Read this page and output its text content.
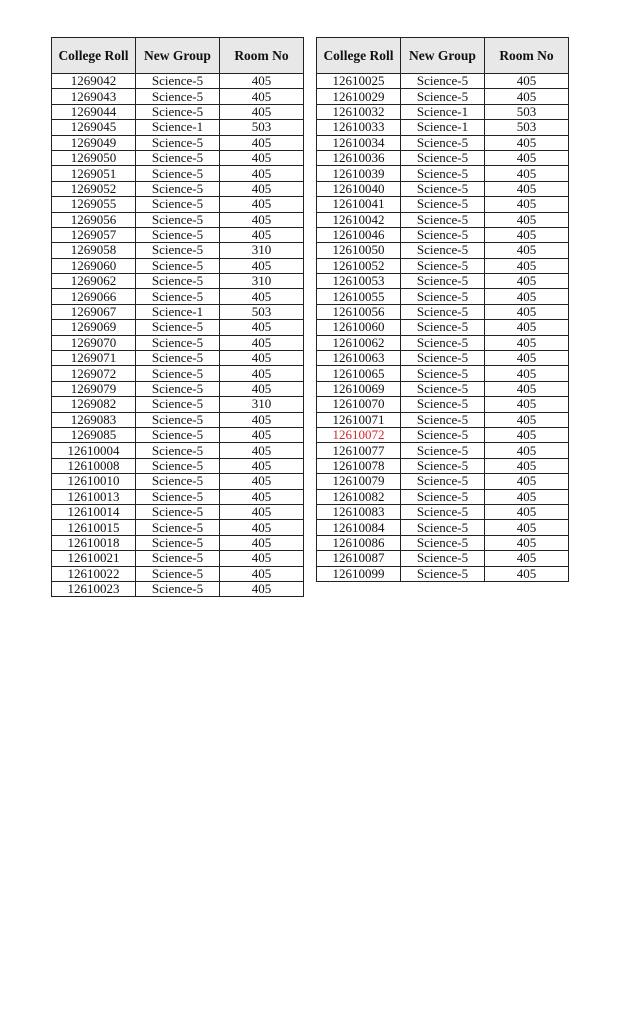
College Roll	New Group	Room No
1269042	Science-5	405
1269043	Science-5	405
1269044	Science-5	405
1269045	Science-1	503
1269049	Science-5	405
1269050	Science-5	405
1269051	Science-5	405
1269052	Science-5	405
1269055	Science-5	405
1269056	Science-5	405
1269057	Science-5	405
1269058	Science-5	310
1269060	Science-5	405
1269062	Science-5	310
1269066	Science-5	405
1269067	Science-1	503
1269069	Science-5	405
1269070	Science-5	405
1269071	Science-5	405
1269072	Science-5	405
1269079	Science-5	405
1269082	Science-5	310
1269083	Science-5	405
1269085	Science-5	405
12610004	Science-5	405
12610008	Science-5	405
12610010	Science-5	405
12610013	Science-5	405
12610014	Science-5	405
12610015	Science-5	405
12610018	Science-5	405
12610021	Science-5	405
12610022	Science-5	405
12610023	Science-5	405
College Roll	New Group	Room No
12610025	Science-5	405
12610029	Science-5	405
12610032	Science-1	503
12610033	Science-1	503
12610034	Science-5	405
12610036	Science-5	405
12610039	Science-5	405
12610040	Science-5	405
12610041	Science-5	405
12610042	Science-5	405
12610046	Science-5	405
12610050	Science-5	405
12610052	Science-5	405
12610053	Science-5	405
12610055	Science-5	405
12610056	Science-5	405
12610060	Science-5	405
12610062	Science-5	405
12610063	Science-5	405
12610065	Science-5	405
12610069	Science-5	405
12610070	Science-5	405
12610071	Science-5	405
12610072	Science-5	405
12610077	Science-5	405
12610078	Science-5	405
12610079	Science-5	405
12610082	Science-5	405
12610083	Science-5	405
12610084	Science-5	405
12610086	Science-5	405
12610087	Science-5	405
12610099	Science-5	405
